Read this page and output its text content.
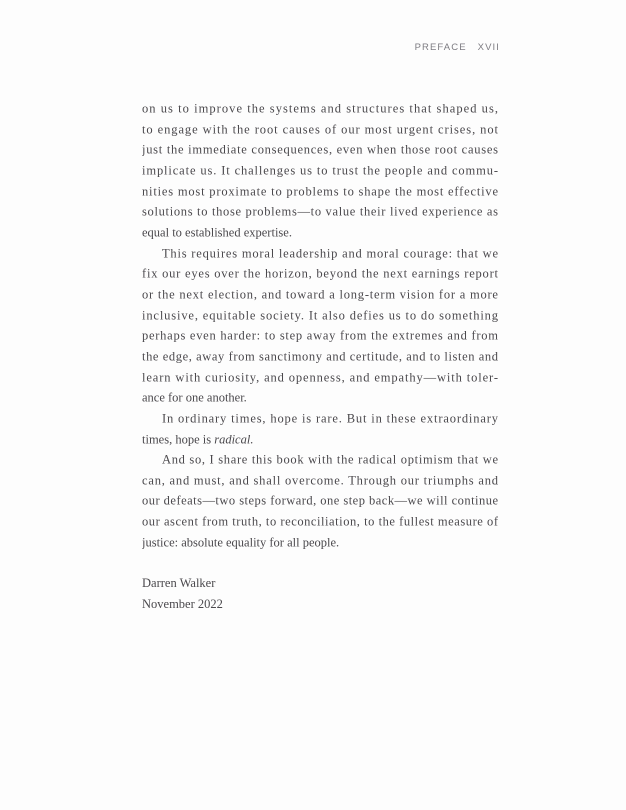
PREFACE XVII
on us to improve the systems and structures that shaped us,
to engage with the root causes of our most urgent crises, not
just the immediate consequences, even when those root causes
implicate us. It challenges us to trust the people and commu-
nities most proximate to problems to shape the most effective
solutions to those problems—to value their lived experience as
equal to established expertise.
This requires moral leadership and moral courage: that we
fix our eyes over the horizon, beyond the next earnings report
or the next election, and toward a long-term vision for a more
inclusive, equitable society. It also defies us to do something
perhaps even harder: to step away from the extremes and from
the edge, away from sanctimony and certitude, and to listen and
learn with curiosity, and openness, and empathy—with toler-
ance for one another.
In ordinary times, hope is rare. But in these extraordinary
times, hope is radical.
And so, I share this book with the radical optimism that we
can, and must, and shall overcome. Through our triumphs and
our defeats—two steps forward, one step back—we will continue
our ascent from truth, to reconciliation, to the fullest measure of
justice: absolute equality for all people.
Darren Walker
November 2022
